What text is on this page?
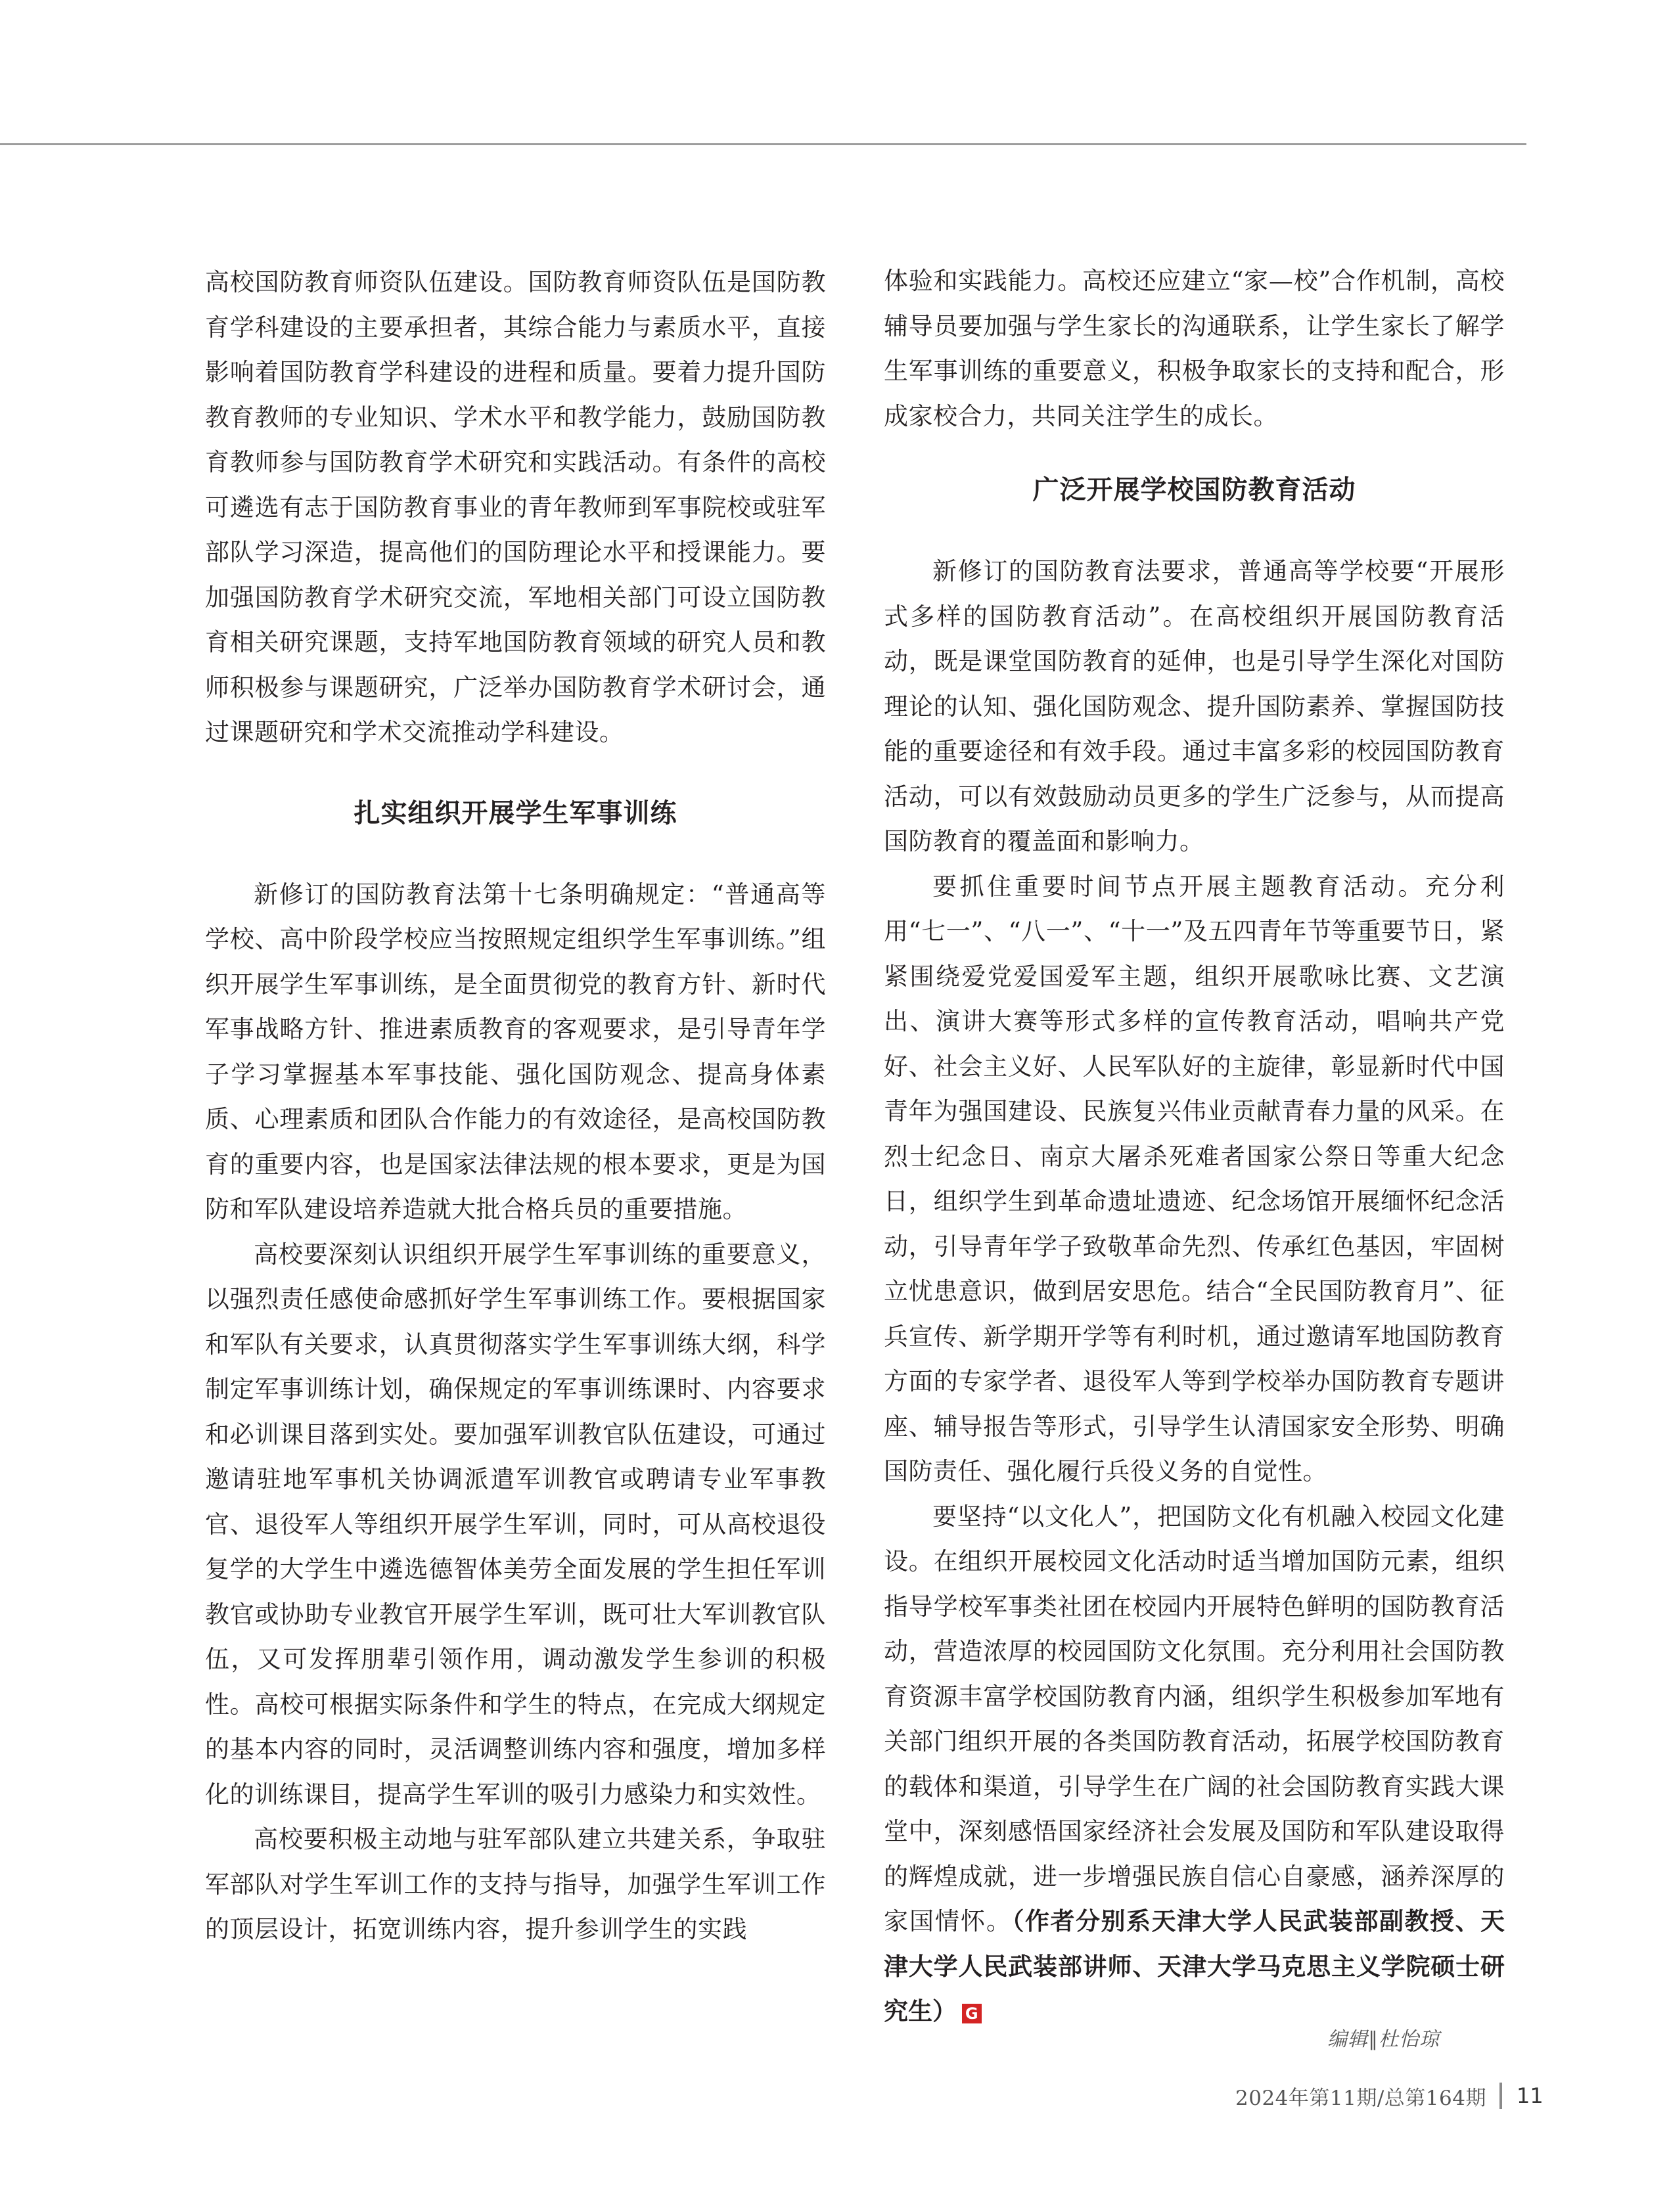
高校国防教育师资队伍建设。国防教育师资队伍是国防教育学科建设的主要承担者，其综合能力与素质水平，直接影响着国防教育学科建设的进程和质量。要着力提升国防教育教师的专业知识、学术水平和教学能力，鼓励国防教育教师参与国防教育学术研究和实践活动。有条件的高校可遴选有志于国防教育事业的青年教师到军事院校或驻军部队学习深造，提高他们的国防理论水平和授课能力。要加强国防教育学术研究交流，军地相关部门可设立国防教育相关研究课题，支持军地国防教育领域的研究人员和教师积极参与课题研究，广泛举办国防教育学术研讨会，通过课题研究和学术交流推动学科建设。

扎实组织开展学生军事训练

新修订的国防教育法第十七条明确规定：“普通高等学校、高中阶段学校应当按照规定组织学生军事训练。”组织开展学生军事训练，是全面贯彻党的教育方针、新时代军事战略方针、推进素质教育的客观要求，是引导青年学子学习掌握基本军事技能、强化国防观念、提高身体素质、心理素质和团队合作能力的有效途径，是高校国防教育的重要内容，也是国家法律法规的根本要求，更是为国防和军队建设培养造就大批合格兵员的重要措施。

高校要深刻认识组织开展学生军事训练的重要意义，以强烈责任感使命感抓好学生军事训练工作。要根据国家和军队有关要求，认真贯彻落实学生军事训练大纲，科学制定军事训练计划，确保规定的军事训练课时、内容要求和必训课目落到实处。要加强军训教官队伍建设，可通过邀请驻地军事机关协调派遣军训教官或聘请专业军事教官、退役军人等组织开展学生军训，同时，可从高校退役复学的大学生中遴选德智体美劳全面发展的学生担任军训教官或协助专业教官开展学生军训，既可壮大军训教官队伍，又可发挥朋辈引领作用，调动激发学生参训的积极性。高校可根据实际条件和学生的特点，在完成大纲规定的基本内容的同时，灵活调整训练内容和强度，增加多样化的训练课目，提高学生军训的吸引力感染力和实效性。

高校要积极主动地与驻军部队建立共建关系，争取驻军部队对学生军训工作的支持与指导，加强学生军训工作的顶层设计，拓宽训练内容，提升参训学生的实践

体验和实践能力。高校还应建立“家—校”合作机制，高校辅导员要加强与学生家长的沟通联系，让学生家长了解学生军事训练的重要意义，积极争取家长的支持和配合，形成家校合力，共同关注学生的成长。

广泛开展学校国防教育活动

新修订的国防教育法要求，普通高等学校要“开展形式多样的国防教育活动”。在高校组织开展国防教育活动，既是课堂国防教育的延伸，也是引导学生深化对国防理论的认知、强化国防观念、提升国防素养、掌握国防技能的重要途径和有效手段。通过丰富多彩的校园国防教育活动，可以有效鼓励动员更多的学生广泛参与，从而提高国防教育的覆盖面和影响力。

要抓住重要时间节点开展主题教育活动。充分利用“七一”、“八一”、“十一”及五四青年节等重要节日，紧紧围绕爱党爱国爱军主题，组织开展歌咏比赛、文艺演出、演讲大赛等形式多样的宣传教育活动，唱响共产党好、社会主义好、人民军队好的主旋律，彰显新时代中国青年为强国建设、民族复兴伟业贡献青春力量的风采。在烈士纪念日、南京大屠杀死难者国家公祭日等重大纪念日，组织学生到革命遗址遗迹、纪念场馆开展缅怀纪念活动，引导青年学子致敬革命先烈、传承红色基因，牢固树立忧患意识，做到居安思危。结合“全民国防教育月”、征兵宣传、新学期开学等有利时机，通过邀请军地国防教育方面的专家学者、退役军人等到学校举办国防教育专题讲座、辅导报告等形式，引导学生认清国家安全形势、明确国防责任、强化履行兵役义务的自觉性。

要坚持“以文化人”，把国防文化有机融入校园文化建设。在组织开展校园文化活动时适当增加国防元素，组织指导学校军事类社团在校园内开展特色鲜明的国防教育活动，营造浓厚的校园国防文化氛围。充分利用社会国防教育资源丰富学校国防教育内涵，组织学生积极参加军地有关部门组织开展的各类国防教育活动，拓展学校国防教育的载体和渠道，引导学生在广阔的社会国防教育实践大课堂中，深刻感悟国家经济社会发展及国防和军队建设取得的辉煌成就，进一步增强民族自信心自豪感，涵养深厚的家国情怀。（作者分别系天津大学人民武装部副教授、天津大学人民武装部讲师、天津大学马克思主义学院硕士研究生） G

编辑∥杜怡琼
2024年第11期/总第164期 11
